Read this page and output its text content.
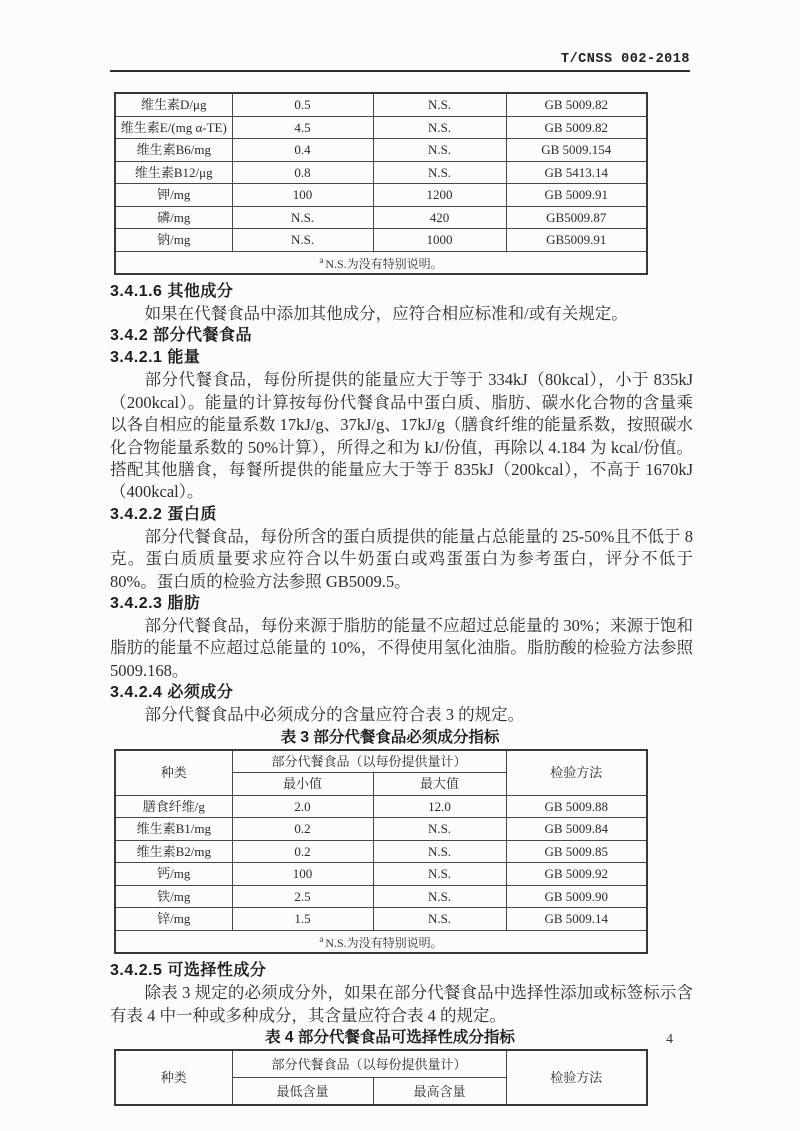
T/CNSS 002-2018
维生素D/μg	0.5	N.S.	GB 5009.82
维生素E/(mg α-TE)	4.5	N.S.	GB 5009.82
维生素B6/mg	0.4	N.S.	GB 5009.154
维生素B12/μg	0.8	N.S.	GB 5413.14
钾/mg	100	1200	GB 5009.91
磷/mg	N.S.	420	GB5009.87
钠/mg	N.S.	1000	GB5009.91
$^a$ N.S.为没有特别说明。			
3.4.1.6 其他成分

如果在代餐食品中添加其他成分，应符合相应标准和/或有关规定。

3.4.2 部分代餐食品
3.4.2.1 能量

部分代餐食品，每份所提供的能量应大于等于 334kJ（80kcal），小于 835kJ（200kcal）。能量的计算按每份代餐食品中蛋白质、脂肪、碳水化合物的含量乘以各自相应的能量系数 17kJ/g、37kJ/g、17kJ/g（膳食纤维的能量系数，按照碳水化合物能量系数的 50%计算），所得之和为 kJ/份值，再除以 4.184 为 kcal/份值。搭配其他膳食，每餐所提供的能量应大于等于 835kJ（200kcal），不高于 1670kJ（400kcal）。

3.4.2.2 蛋白质

部分代餐食品，每份所含的蛋白质提供的能量占总能量的 25-50%且不低于 8 克。蛋白质质量要求应符合以牛奶蛋白或鸡蛋蛋白为参考蛋白，评分不低于 80%。蛋白质的检验方法参照 GB5009.5。

3.4.2.3 脂肪

部分代餐食品，每份来源于脂肪的能量不应超过总能量的 30%；来源于饱和脂肪的能量不应超过总能量的 10%，不得使用氢化油脂。脂肪酸的检验方法参照 5009.168。

3.4.2.4 必须成分

部分代餐食品中必须成分的含量应符合表 3 的规定。

表 3 部分代餐食品必须成分指标

种类	部分代餐食品（以每份提供量计）		检验方法
	最小值	最大值	
膳食纤维/g	2.0	12.0	GB 5009.88
维生素B1/mg	0.2	N.S.	GB 5009.84
维生素B2/mg	0.2	N.S.	GB 5009.85
钙/mg	100	N.S.	GB 5009.92
铁/mg	2.5	N.S.	GB 5009.90
锌/mg	1.5	N.S.	GB 5009.14
$^a$ N.S.为没有特别说明。			
3.4.2.5 可选择性成分

除表 3 规定的必须成分外，如果在部分代餐食品中选择性添加或标签标示含有表 4 中一种或多种成分，其含量应符合表 4 的规定。

表 4 部分代餐食品可选择性成分指标

种类	部分代餐食品（以每份提供量计）		检验方法
	最低含量	最高含量	
4
